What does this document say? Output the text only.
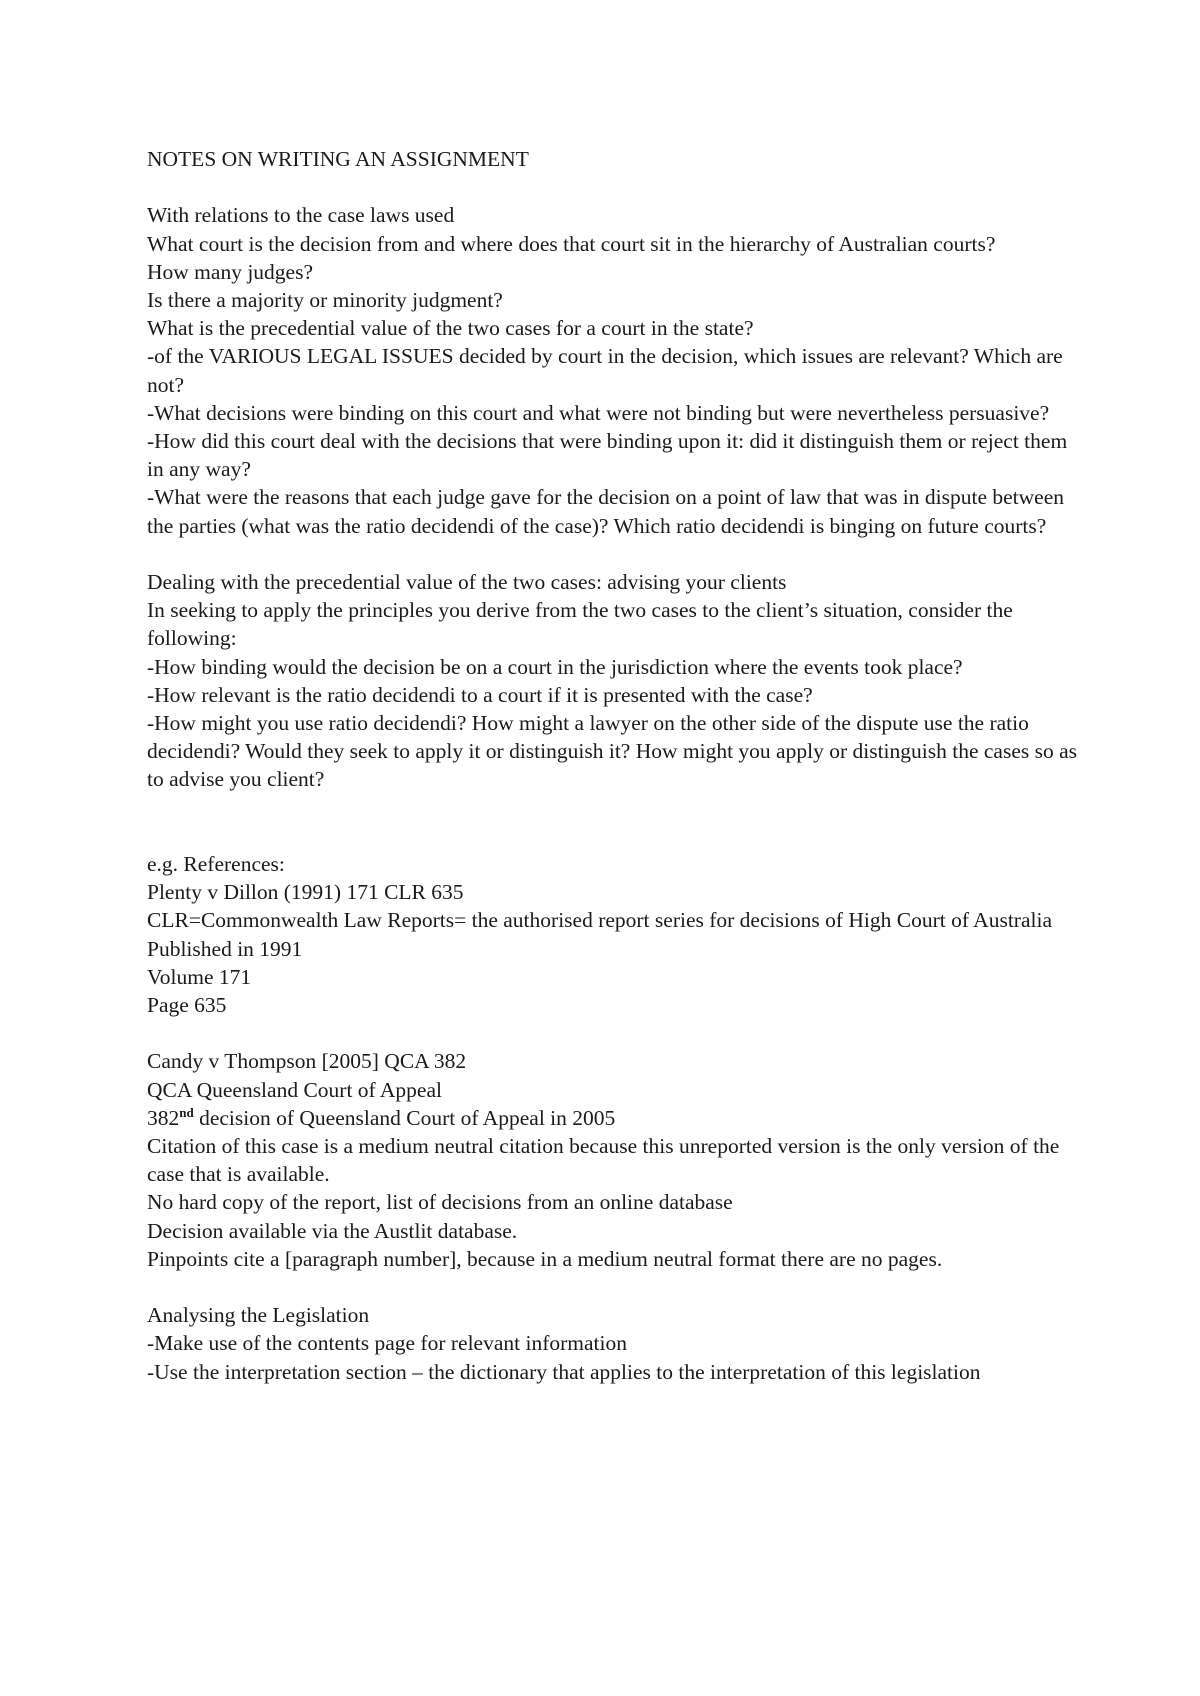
NOTES ON WRITING AN ASSIGNMENT
With relations to the case laws used
What court is the decision from and where does that court sit in the hierarchy of Australian courts?
How many judges?
Is there a majority or minority judgment?
What is the precedential value of the two cases for a court in the state?
-of the VARIOUS LEGAL ISSUES decided by court in the decision, which issues are relevant? Which are not?
-What decisions were binding on this court and what were not binding but were nevertheless persuasive?
-How did this court deal with the decisions that were binding upon it: did it distinguish them or reject them in any way?
-What were the reasons that each judge gave for the decision on a point of law that was in dispute between the parties (what was the ratio decidendi of the case)? Which ratio decidendi is binging on future courts?
Dealing with the precedential value of the two cases: advising your clients
In seeking to apply the principles you derive from the two cases to the client’s situation, consider the following:
-How binding would the decision be on a court in the jurisdiction where the events took place?
-How relevant is the ratio decidendi to a court if it is presented with the case?
-How might you use ratio decidendi? How might a lawyer on the other side of the dispute use the ratio decidendi? Would they seek to apply it or distinguish it? How might you apply or distinguish the cases so as to advise you client?
e.g. References:
Plenty v Dillon (1991) 171 CLR 635
CLR=Commonwealth Law Reports= the authorised report series for decisions of High Court of Australia
Published in 1991
Volume 171
Page 635
Candy v Thompson [2005] QCA 382
QCA Queensland Court of Appeal
382nd decision of Queensland Court of Appeal in 2005
Citation of this case is a medium neutral citation because this unreported version is the only version of the case that is available.
No hard copy of the report, list of decisions from an online database
Decision available via the Austlit database.
Pinpoints cite a [paragraph number], because in a medium neutral format there are no pages.
Analysing the Legislation
-Make use of the contents page for relevant information
-Use the interpretation section – the dictionary that applies to the interpretation of this legislation
